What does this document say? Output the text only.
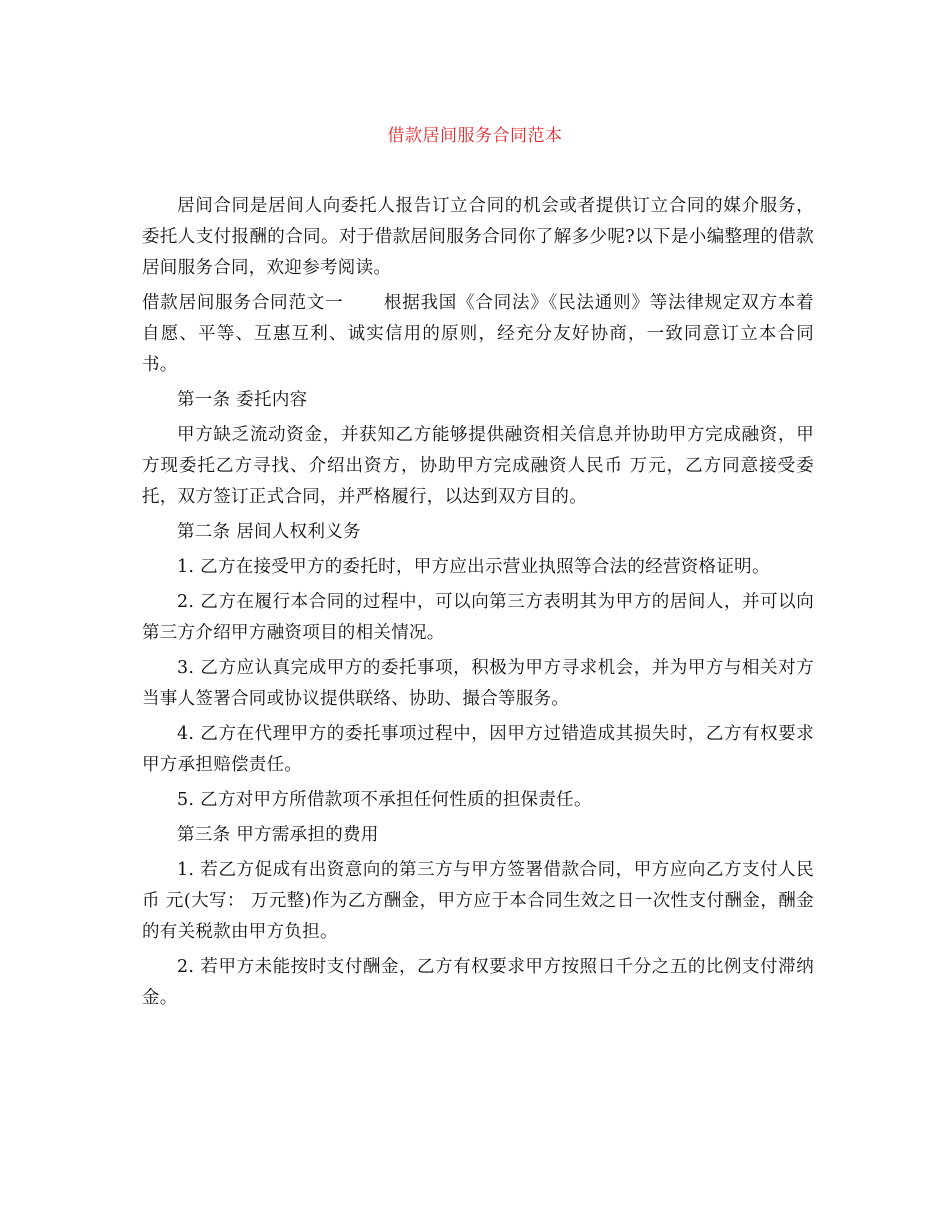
借款居间服务合同范本

居间合同是居间人向委托人报告订立合同的机会或者提供订立合同的媒介服务，委托人支付报酬的合同。对于借款居间服务合同你了解多少呢?以下是小编整理的借款居间服务合同，欢迎参考阅读。

借款居间服务合同范文一 根据我国《合同法》《民法通则》等法律规定双方本着自愿、平等、互惠互利、诚实信用的原则，经充分友好协商，一致同意订立本合同书。

第一条 委托内容

甲方缺乏流动资金，并获知乙方能够提供融资相关信息并协助甲方完成融资，甲方现委托乙方寻找、介绍出资方，协助甲方完成融资人民币 万元，乙方同意接受委托，双方签订正式合同，并严格履行，以达到双方目的。

第二条 居间人权利义务

1. 乙方在接受甲方的委托时，甲方应出示营业执照等合法的经营资格证明。

2. 乙方在履行本合同的过程中，可以向第三方表明其为甲方的居间人，并可以向第三方介绍甲方融资项目的相关情况。

3. 乙方应认真完成甲方的委托事项，积极为甲方寻求机会，并为甲方与相关对方当事人签署合同或协议提供联络、协助、撮合等服务。

4. 乙方在代理甲方的委托事项过程中，因甲方过错造成其损失时，乙方有权要求甲方承担赔偿责任。

5. 乙方对甲方所借款项不承担任何性质的担保责任。

第三条 甲方需承担的费用

1. 若乙方促成有出资意向的第三方与甲方签署借款合同，甲方应向乙方支付人民币 元(大写： 万元整)作为乙方酬金，甲方应于本合同生效之日一次性支付酬金，酬金的有关税款由甲方负担。

2. 若甲方未能按时支付酬金，乙方有权要求甲方按照日千分之五的比例支付滞纳金。
